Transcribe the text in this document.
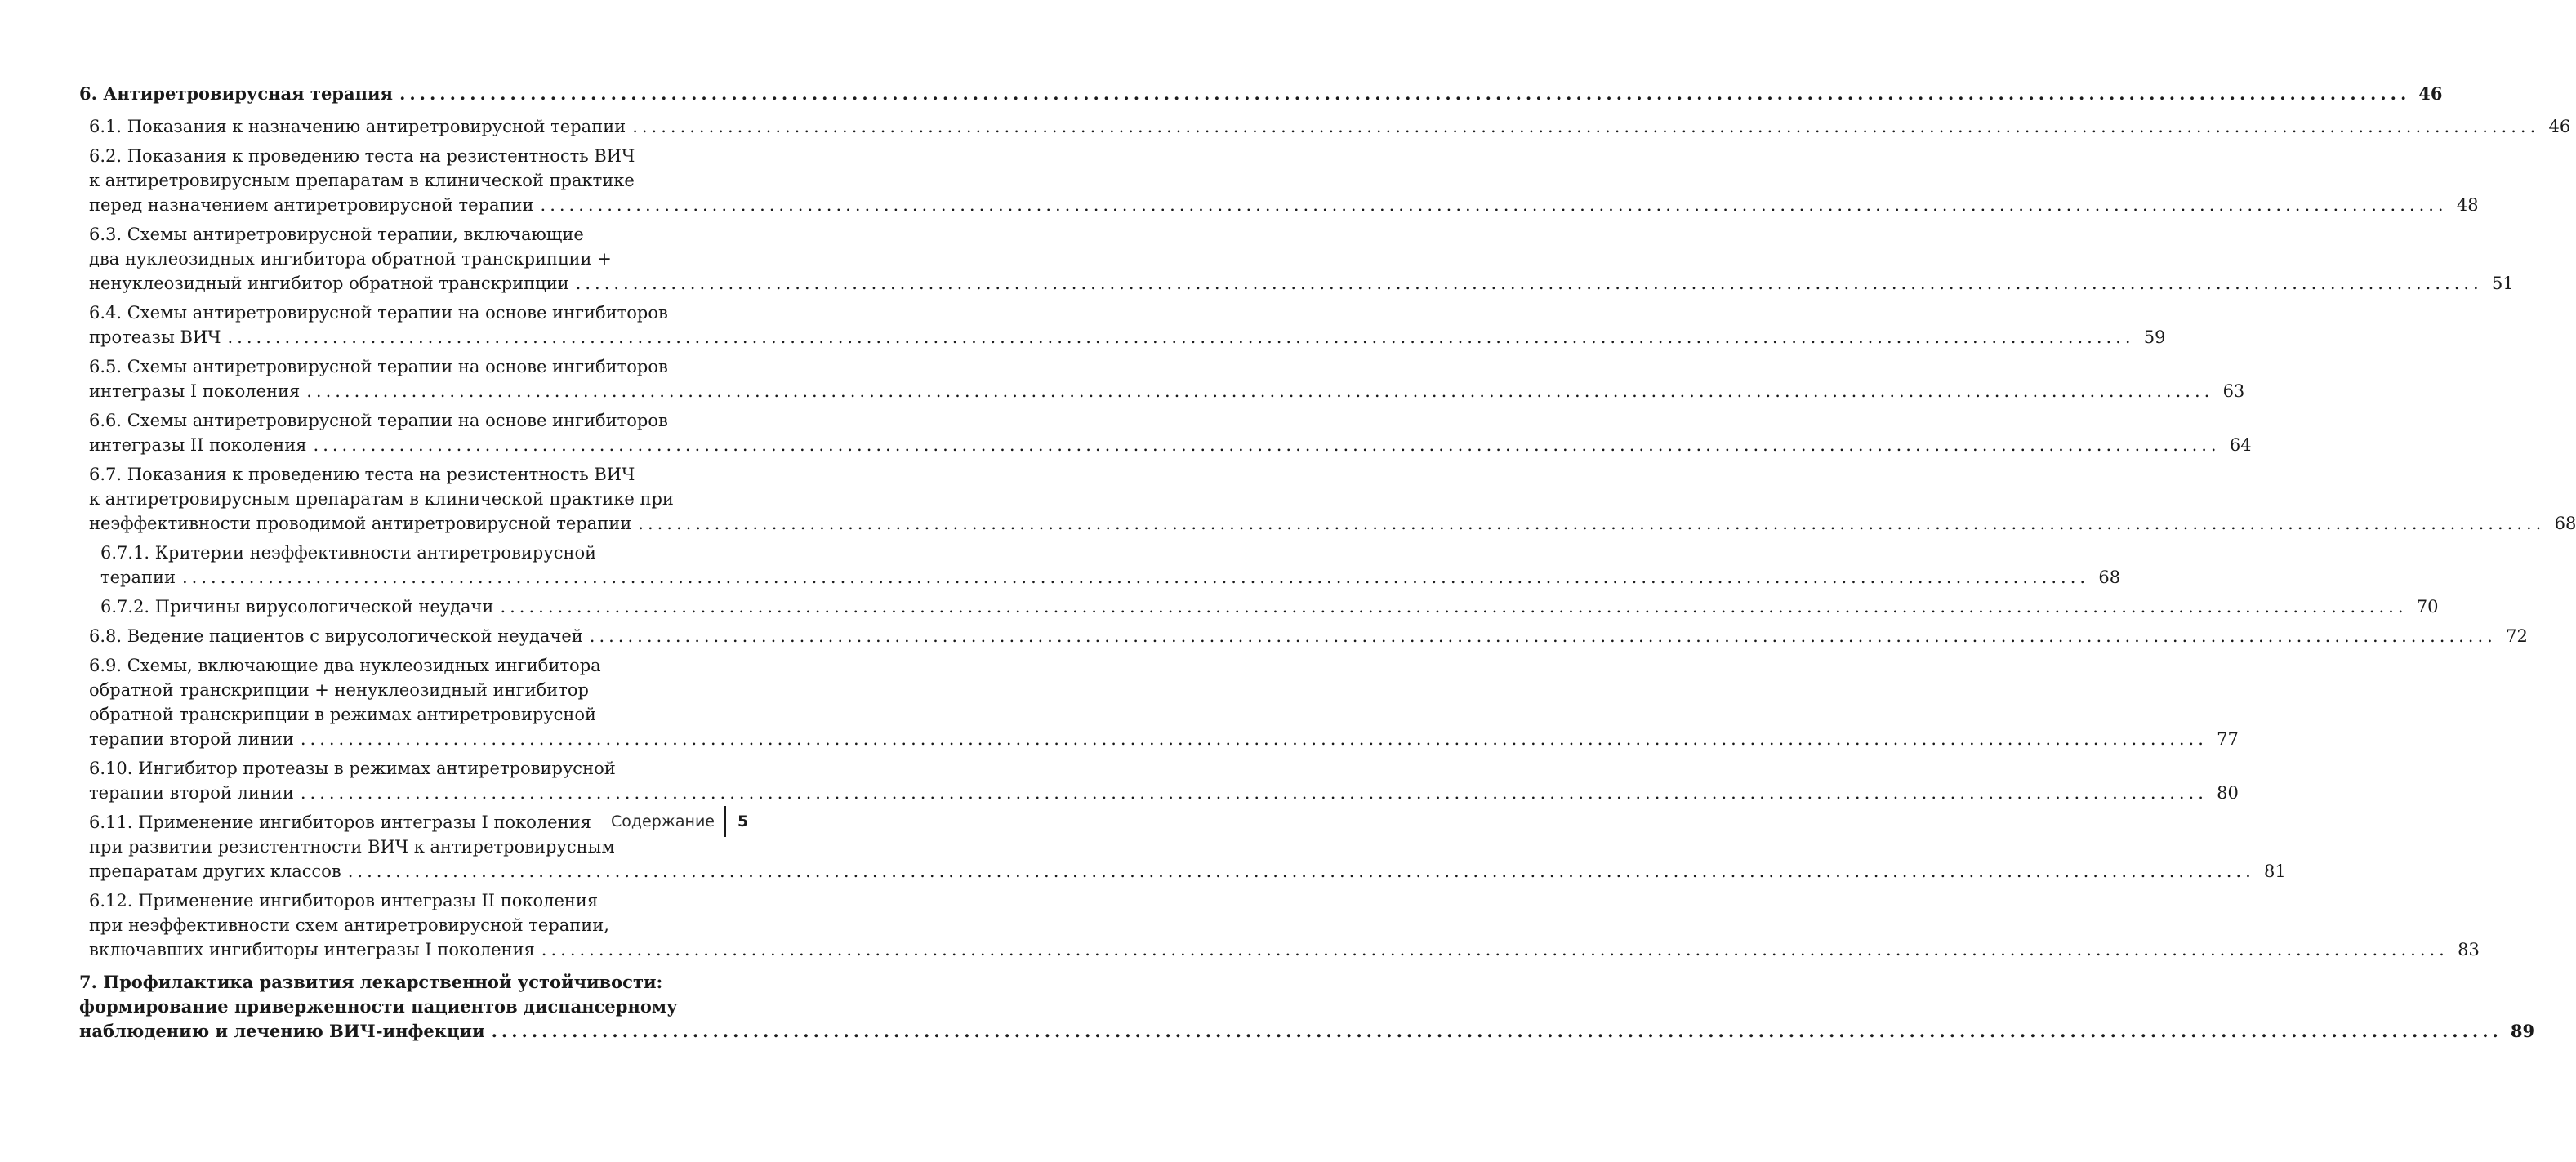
6. Антиретровирусная терапия ........................................................................................................................................................................................................ 46
6.1. Показания к назначению антиретровирусной терапии ........................................................................................................................................................................................................ 46
6.2. Показания к проведению теста на резистентность ВИЧ
к антиретровирусным препаратам в клинической практике
перед назначением антиретровирусной терапии ........................................................................................................................................................................................................ 48
6.3. Схемы антиретровирусной терапии, включающие
два нуклеозидных ингибитора обратной транскрипции +
ненуклеозидный ингибитор обратной транскрипции ........................................................................................................................................................................................................ 51
6.4. Схемы антиретровирусной терапии на основе ингибиторов
протеазы ВИЧ ........................................................................................................................................................................................................ 59
6.5. Схемы антиретровирусной терапии на основе ингибиторов
интегразы I поколения ........................................................................................................................................................................................................ 63
6.6. Схемы антиретровирусной терапии на основе ингибиторов
интегразы II поколения ........................................................................................................................................................................................................ 64
6.7. Показания к проведению теста на резистентность ВИЧ
к антиретровирусным препаратам в клинической практике при
неэффективности проводимой антиретровирусной терапии ........................................................................................................................................................................................................ 68
6.7.1. Критерии неэффективности антиретровирусной
терапии ........................................................................................................................................................................................................ 68
6.7.2. Причины вирусологической неудачи ........................................................................................................................................................................................................ 70
6.8. Ведение пациентов с вирусологической неудачей ........................................................................................................................................................................................................ 72
6.9. Схемы, включающие два нуклеозидных ингибитора
обратной транскрипции + ненуклеозидный ингибитор
обратной транскрипции в режимах антиретровирусной
терапии второй линии ........................................................................................................................................................................................................ 77
6.10. Ингибитор протеазы в режимах антиретровирусной
терапии второй линии ........................................................................................................................................................................................................ 80
6.11. Применение ингибиторов интегразы I поколения
при развитии резистентности ВИЧ к антиретровирусным
препаратам других классов ........................................................................................................................................................................................................ 81
6.12. Применение ингибиторов интегразы II поколения
при неэффективности схем антиретровирусной терапии,
включавших ингибиторы интегразы I поколения ........................................................................................................................................................................................................ 83
7. Профилактика развития лекарственной устойчивости:
формирование приверженности пациентов диспансерному
наблюдению и лечению ВИЧ-инфекции ........................................................................................................................................................................................................ 89
Содержание 5
